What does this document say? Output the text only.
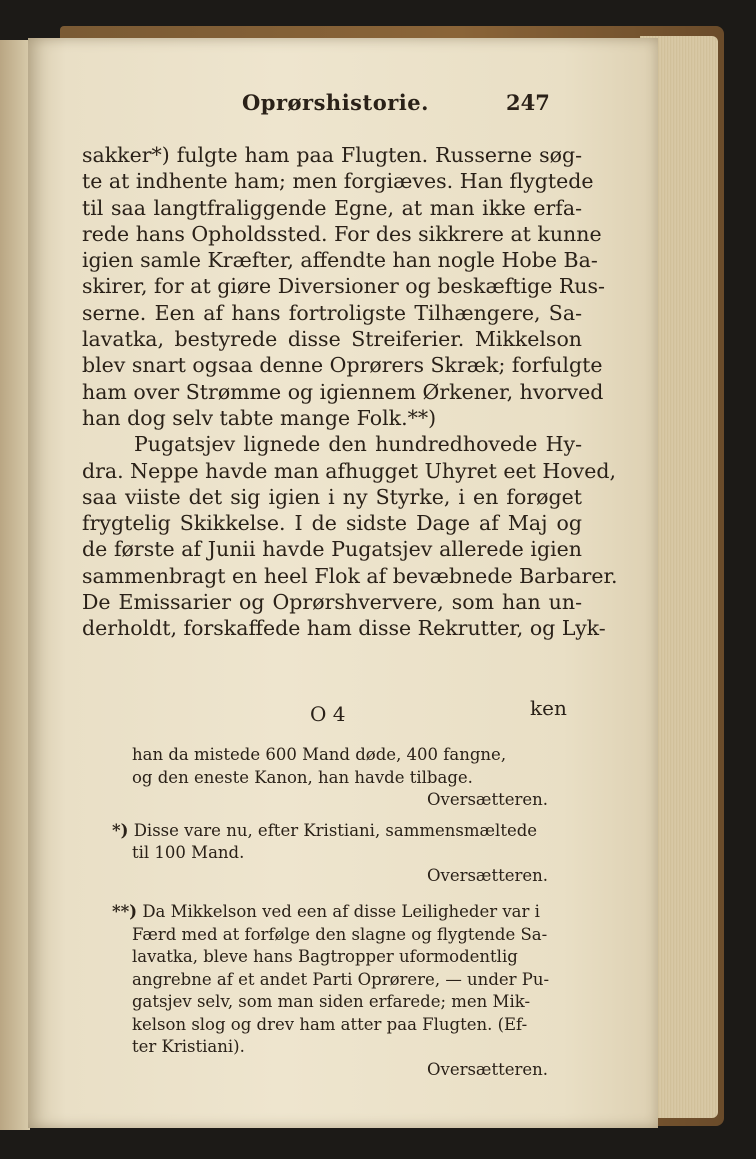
Oprørshistorie.	247
sakker*) fulgte ham paa Flugten. Russerne søg-
te at indhente ham; men forgiæves. Han flygtede
til saa langtfraliggende Egne, at man ikke erfa-
rede hans Opholdssted. For des sikkrere at kunne
igien samle Kræfter, affendte han nogle Hobe Ba-
skirer, for at giøre Diversioner og beskæftige Rus-
serne. Een af hans fortroligste Tilhængere, Sa-
lavatka, bestyrede disse Streiferier. Mikkelson
blev snart ogsaa denne Oprørers Skræk; forfulgte
ham over Strømme og igiennem Ørkener, hvorved
han dog selv tabte mange Folk.**)
Pugatsjev lignede den hundredhovede Hy-
dra. Neppe havde man afhugget Uhyret eet Hoved,
saa viiste det sig igien i ny Styrke, i en forøget
frygtelig Skikkelse. I de sidste Dage af Maj og
de første af Junii havde Pugatsjev allerede igien
sammenbragt en heel Flok af bevæbnede Barbarer.
De Emissarier og Oprørshververe, som han un-
derholdt, forskaffede ham disse Rekrutter, og Lyk-
O 4	ken
han da mistede 600 Mand døde, 400 fangne,
og den eneste Kanon, han havde tilbage.
Oversætteren.
*) Disse vare nu, efter Kristiani, sammensmæltede
til 100 Mand.
Oversætteren.
**) Da Mikkelson ved een af disse Leiligheder var i
Færd med at forfølge den slagne og flygtende Sa-
lavatka, bleve hans Bagtropper uformodentlig
angrebne af et andet Parti Oprørere, — under Pu-
gatsjev selv, som man siden erfarede; men Mik-
kelson slog og drev ham atter paa Flugten. (Ef-
ter Kristiani).
Oversætteren.
